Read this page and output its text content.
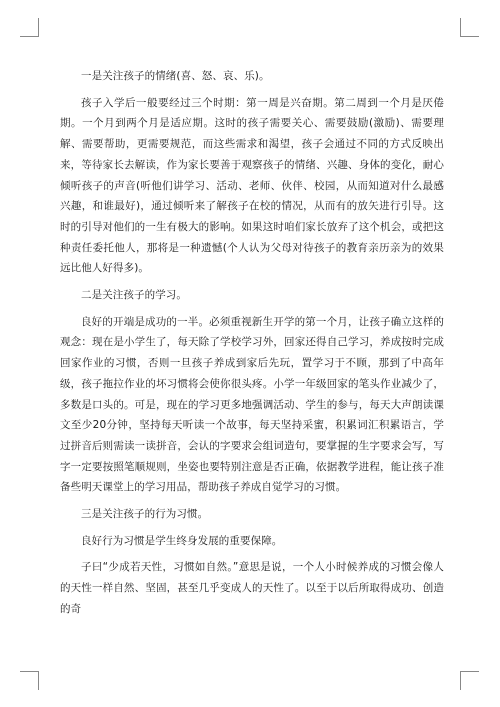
一是关注孩子的情绪(喜、怒、哀、乐)。

孩子入学后一般要经过三个时期：第一周是兴奋期。第二周到一个月是厌倦期。一个月到两个月是适应期。这时的孩子需要关心、需要鼓励(激励)、需要理解、需要帮助，更需要规范，而这些需求和渴望，孩子会通过不同的方式反映出来，等待家长去解读，作为家长要善于观察孩子的情绪、兴趣、身体的变化，耐心倾听孩子的声音(听他们讲学习、活动、老师、伙伴、校园，从而知道对什么最感兴趣，和谁最好)，通过倾听来了解孩子在校的情况，从而有的放矢进行引导。这时的引导对他们的一生有极大的影响。如果这时咱们家长放弃了这个机会，或把这种责任委托他人，那将是一种遗憾(个人认为父母对待孩子的教育亲历亲为的效果远比他人好得多)。

二是关注孩子的学习。

良好的开端是成功的一半。必须重视新生开学的第一个月，让孩子确立这样的观念：现在是小学生了，每天除了学校学习外，回家还得自己学习，养成按时完成回家作业的习惯，否则一旦孩子养成到家后先玩，置学习于不顾，那到了中高年级，孩子拖拉作业的坏习惯将会使你很头疼。小学一年级回家的笔头作业减少了，多数是口头的。可是，现在的学习更多地强调活动、学生的参与，每天大声朗读课文至少20分钟，坚持每天听读一个故事，每天坚持采蜜，积累词汇积累语言，学过拼音后则需读一读拼音，会认的字要求会组词造句，要掌握的生字要求会写，写字一定要按照笔顺规则，坐姿也要特别注意是否正确，依据教学进程，能让孩子准备些明天课堂上的学习用品，帮助孩子养成自觉学习的习惯。

三是关注孩子的行为习惯。

良好行为习惯是学生终身发展的重要保障。

子曰“少成若天性，习惯如自然。”意思是说，一个人小时候养成的习惯会像人的天性一样自然、坚固，甚至几乎变成人的天性了。以至于以后所取得成功、创造的奇
